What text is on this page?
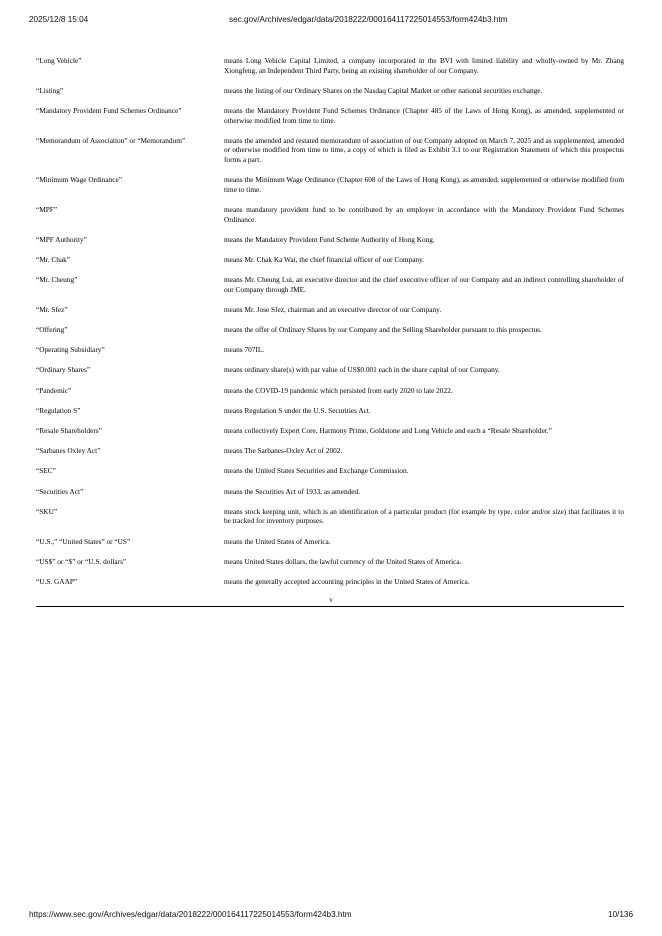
2025/12/8 15:04	sec.gov/Archives/edgar/data/2018222/000164117225014553/form424b3.htm
“Long Vehicle”	means Long Vehicle Capital Limited, a company incorporated in the BVI with limited liability and wholly-owned by Mr. Zhang Xiongfeng, an Independent Third Party, being an existing shareholder of our Company.
“Listing”	means the listing of our Ordinary Shares on the Nasdaq Capital Market or other national securities exchange.
“Mandatory Provident Fund Schemes Ordinance”	means the Mandatory Provident Fund Schemes Ordinance (Chapter 485 of the Laws of Hong Kong), as amended, supplemented or otherwise modified from time to time.
“Memorandum of Association” or “Memorandum”	means the amended and restated memorandum of association of our Company adopted on March 7, 2025 and as supplemented, amended or otherwise modified from time to time, a copy of which is filed as Exhibit 3.1 to our Registration Statement of which this prospectus forms a part.
“Minimum Wage Ordinance”	means the Minimum Wage Ordinance (Chapter 608 of the Laws of Hong Kong), as amended, supplemented or otherwise modified from time to time.
“MPF”	means mandatory provident fund to be contributed by an employer in accordance with the Mandatory Provident Fund Schemes Ordinance.
“MPF Authority”	means the Mandatory Provident Fund Scheme Authority of Hong Kong.
“Mr. Chak”	means Mr. Chak Ka Wai, the chief financial officer of our Company.
“Mr. Cheung”	means Mr. Cheung Lui, an executive director and the chief executive officer of our Company and an indirect controlling shareholder of our Company through JME.
“Mr. Sfez”	means Mr. Jose Sfez, chairman and an executive director of our Company.
“Offering”	means the offer of Ordinary Shares by our Company and the Selling Shareholder pursuant to this prospectus.
“Operating Subsidiary”	means 707IL.
“Ordinary Shares”	means ordinary share(s) with par value of US$0.001 each in the share capital of our Company.
“Pandemic”	means the COVID-19 pandemic which persisted from early 2020 to late 2022.
“Regulation S”	means Regulation S under the U.S. Securities Act.
“Resale Shareholders”	means collectively Expert Core, Harmony Prime, Goldstone and Long Vehicle and each a “Resale Shareholder.”
“Sarbanes Oxley Act”	means The Sarbanes-Oxley Act of 2002.
“SEC”	means the United States Securities and Exchange Commission.
“Securities Act”	means the Securities Act of 1933, as amended.
“SKU”	means stock keeping unit, which is an identification of a particular product (for example by type, color and/or size) that facilitates it to be tracked for inventory purposes.
“U.S.,” “United States” or “US”	means the United States of America.
“US$” or “$” or “U.S. dollars”	means United States dollars, the lawful currency of the United States of America.
“U.S. GAAP”	means the generally accepted accounting principles in the United States of America.
v
https://www.sec.gov/Archives/edgar/data/2018222/000164117225014553/form424b3.htm	10/136
